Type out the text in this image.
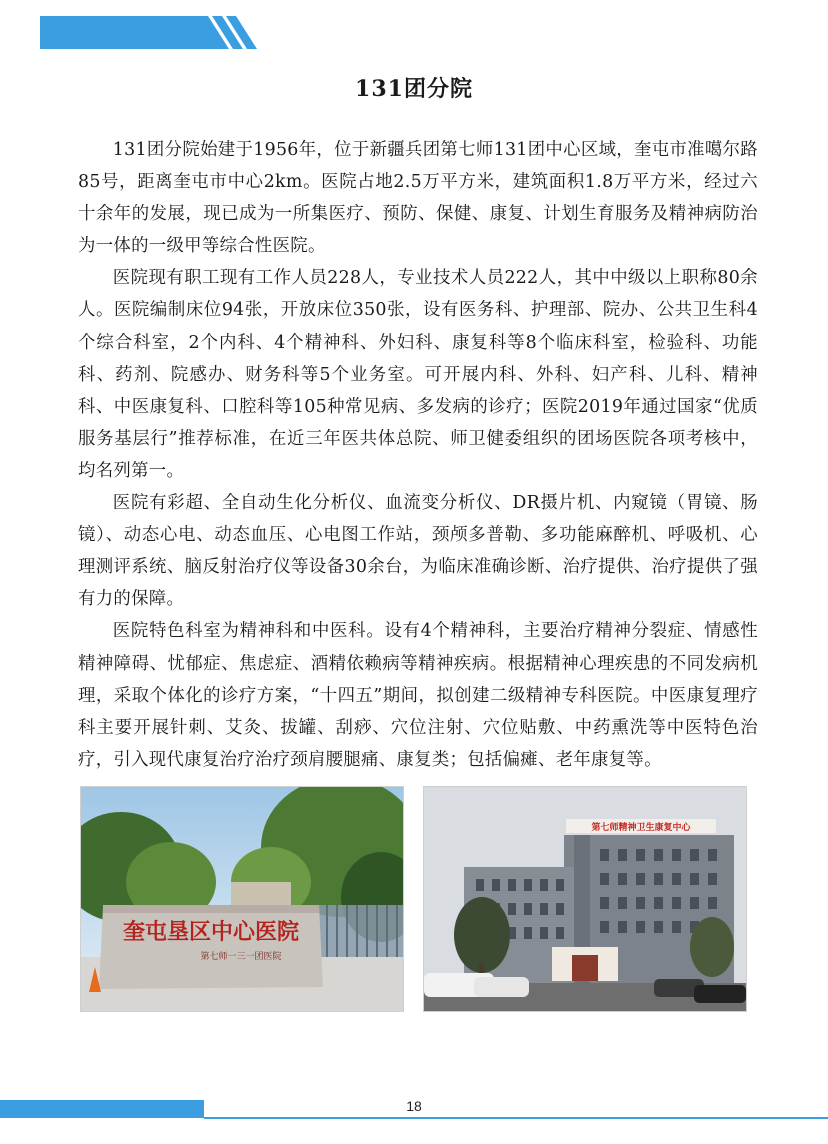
131团分院

131团分院始建于1956年，位于新疆兵团第七师131团中心区域，奎屯市准噶尔路85号，距离奎屯市中心2km。医院占地2.5万平方米，建筑面积1.8万平方米，经过六十余年的发展，现已成为一所集医疗、预防、保健、康复、计划生育服务及精神病防治为一体的一级甲等综合性医院。

医院现有职工现有工作人员228人，专业技术人员222人，其中中级以上职称80余人。医院编制床位94张，开放床位350张，设有医务科、护理部、院办、公共卫生科4个综合科室，2个内科、4个精神科、外妇科、康复科等8个临床科室，检验科、功能科、药剂、院感办、财务科等5个业务室。可开展内科、外科、妇产科、儿科、精神科、中医康复科、口腔科等105种常见病、多发病的诊疗；医院2019年通过国家“优质服务基层行”推荐标准，在近三年医共体总院、师卫健委组织的团场医院各项考核中，均名列第一。

医院有彩超、全自动生化分析仪、血流变分析仪、DR摄片机、内窥镜（胃镜、肠镜）、动态心电、动态血压、心电图工作站，颈颅多普勒、多功能麻醉机、呼吸机、心理测评系统、脑反射治疗仪等设备30余台，为临床准确诊断、治疗提供、治疗提供了强有力的保障。

医院特色科室为精神科和中医科。设有4个精神科，主要治疗精神分裂症、情感性精神障碍、忧郁症、焦虑症、酒精依赖病等精神疾病。根据精神心理疾患的不同发病机理，采取个体化的诊疗方案，“十四五”期间，拟创建二级精神专科医院。中医康复理疗科主要开展针刺、艾灸、拔罐、刮痧、穴位注射、穴位贴敷、中药熏洗等中医特色治疗，引入现代康复治疗治疗颈肩腰腿痛、康复类；包括偏瘫、老年康复等。

奎屯垦区中心医院
第七师一三一团医院
第七师精神卫生康复中心
18
